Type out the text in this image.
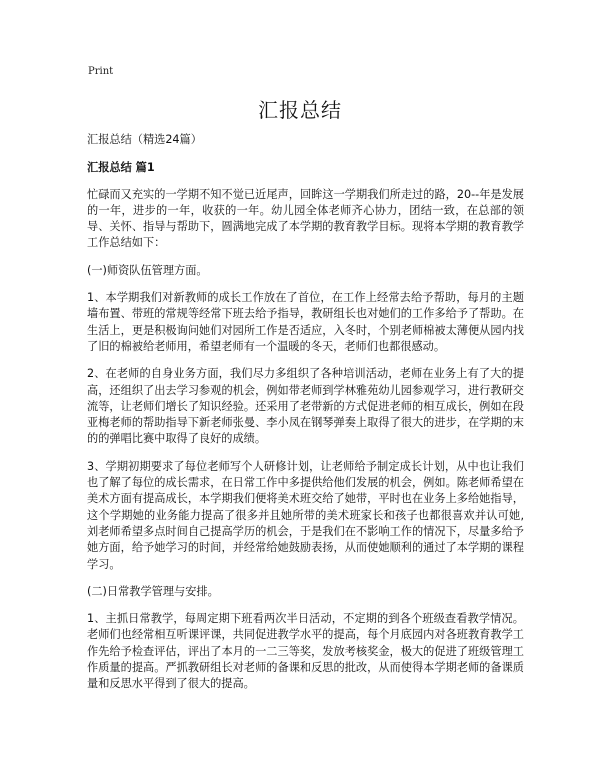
Print
汇报总结

汇报总结（精选24篇）

汇报总结 篇1

忙碌而又充实的一学期不知不觉已近尾声，回眸这一学期我们所走过的路，20--年是发展的一年，进步的一年，收获的一年。幼儿园全体老师齐心协力，团结一致，在总部的领导、关怀、指导与帮助下，圆满地完成了本学期的教育教学目标。现将本学期的教育教学工作总结如下：

(一)师资队伍管理方面。

1、本学期我们对新教师的成长工作放在了首位，在工作上经常去给予帮助，每月的主题墙布置、带班的常规等经常下班去给予指导，教研组长也对她们的工作多给予了帮助。在生活上，更是积极询问她们对园所工作是否适应，入冬时，个别老师棉被太薄便从园内找了旧的棉被给老师用，希望老师有一个温暖的冬天，老师们也都很感动。

2、在老师的自身业务方面，我们尽力多组织了各种培训活动，老师在业务上有了大的提高，还组织了出去学习参观的机会，例如带老师到学林雅苑幼儿园参观学习，进行教研交流等，让老师们增长了知识经验。还采用了老带新的方式促进老师的相互成长，例如在段亚梅老师的帮助指导下新老师张曼、李小凤在钢琴弹奏上取得了很大的进步，在学期的末的的弹唱比赛中取得了良好的成绩。

3、学期初期要求了每位老师写个人研修计划，让老师给予制定成长计划，从中也让我们也了解了每位的成长需求，在日常工作中多提供给他们发展的机会，例如。陈老师希望在美术方面有提高成长，本学期我们便将美术班交给了她带，平时也在业务上多给她指导，这个学期她的业务能力提高了很多并且她所带的美术班家长和孩子也都很喜欢并认可她,刘老师希望多点时间自己提高学历的机会，于是我们在不影响工作的情况下，尽量多给予她方面，给予她学习的时间，并经常给她鼓励表扬，从而使她顺利的通过了本学期的课程学习。

(二)日常教学管理与安排。

1、主抓日常教学，每周定期下班看两次半日活动，不定期的到各个班级查看教学情况。老师们也经常相互听课评课，共同促进教学水平的提高，每个月底园内对各班教育教学工作先给予检查评估，评出了本月的一二三等奖，发放考核奖金，极大的促进了班级管理工作质量的提高。严抓教研组长对老师的备课和反思的批改，从而使得本学期老师的备课质量和反思水平得到了很大的提高。
